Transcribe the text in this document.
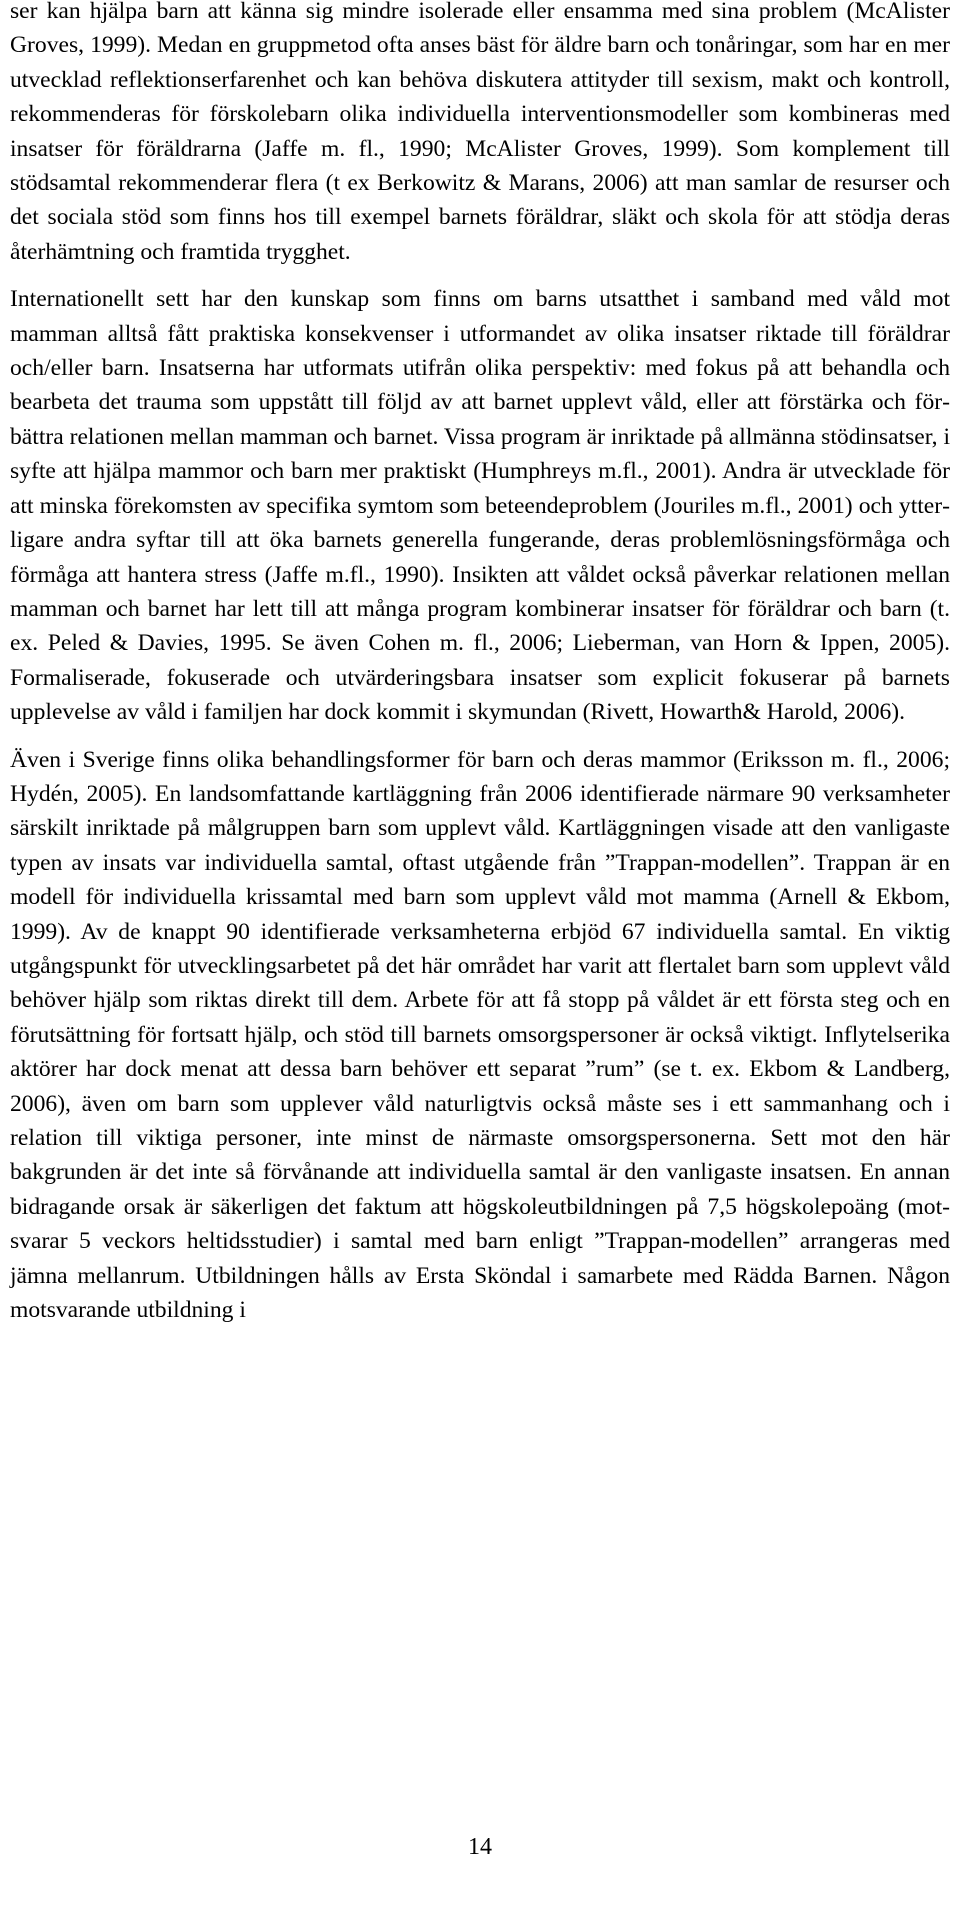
ser kan hjälpa barn att känna sig mindre isolerade eller ensamma med sina problem (McAlister Groves, 1999). Medan en gruppmetod ofta anses bäst för äldre barn och tonåringar, som har en mer utvecklad reflektionserfarenhet och kan behöva diskutera attityder till sexism, makt och kontroll, rekommenderas för förskolebarn olika individuella interventionsmodeller som kombineras med insatser för föräldrarna (Jaffe m. fl., 1990; McAlister Groves, 1999). Som komplement till stödsamtal rekommenderar flera (t ex Berkowitz & Marans, 2006) att man samlar de resurser och det sociala stöd som finns hos till exempel barnets föräldrar, släkt och skola för att stödja deras återhämtning och framtida trygghet.

Internationellt sett har den kunskap som finns om barns utsatthet i samband med våld mot mamman alltså fått praktiska konsekvenser i utformandet av olika insatser riktade till föräldrar och/eller barn. Insatserna har utformats utifrån olika perspektiv: med fokus på att behandla och bearbeta det trauma som uppstått till följd av att barnet upplevt våld, eller att förstärka och förbättra relationen mellan mamman och barnet. Vissa program är inriktade på allmänna stödinsatser, i syfte att hjälpa mammor och barn mer praktiskt (Humphreys m.fl., 2001). Andra är utvecklade för att minska förekomsten av specifika symtom som beteendeproblem (Jouriles m.fl., 2001) och ytterligare andra syftar till att öka barnets generella fungerande, deras problemlösningsförmåga och förmåga att hantera stress (Jaffe m.fl., 1990). Insikten att våldet också påverkar relationen mellan mamman och barnet har lett till att många program kombinerar insatser för föräldrar och barn (t. ex. Peled & Davies, 1995. Se även Cohen m. fl., 2006; Lieberman, van Horn & Ippen, 2005). Formaliserade, fokuserade och utvärderingsbara insatser som explicit fokuserar på barnets upplevelse av våld i familjen har dock kommit i skymundan (Rivett, Howarth& Harold, 2006).

Även i Sverige finns olika behandlingsformer för barn och deras mammor (Eriksson m. fl., 2006; Hydén, 2005). En landsomfattande kartläggning från 2006 identifierade närmare 90 verksamheter särskilt inriktade på målgruppen barn som upplevt våld. Kartläggningen visade att den vanligaste typen av insats var individuella samtal, oftast utgående från ”Trappan-modellen”. Trappan är en modell för individuella krissamtal med barn som upplevt våld mot mamma (Arnell & Ekbom, 1999). Av de knappt 90 identifierade verksamheterna erbjöd 67 individuella samtal. En viktig utgångspunkt för utvecklingsarbetet på det här området har varit att flertalet barn som upplevt våld behöver hjälp som riktas direkt till dem. Arbete för att få stopp på våldet är ett första steg och en förutsättning för fortsatt hjälp, och stöd till barnets omsorgspersoner är också viktigt. Inflytelserika aktörer har dock menat att dessa barn behöver ett separat ”rum” (se t. ex. Ekbom & Landberg, 2006), även om barn som upplever våld naturligtvis också måste ses i ett sammanhang och i relation till viktiga personer, inte minst de närmaste omsorgspersonerna. Sett mot den här bakgrunden är det inte så förvånande att individuella samtal är den vanligaste insatsen. En annan bidragande orsak är säkerligen det faktum att högskoleutbildningen på 7,5 högskolepoäng (motsvarar 5 veckors heltidsstudier) i samtal med barn enligt ”Trappan-modellen” arrangeras med jämna mellanrum. Utbildningen hålls av Ersta Sköndal i samarbete med Rädda Barnen. Någon motsvarande utbildning i

14
